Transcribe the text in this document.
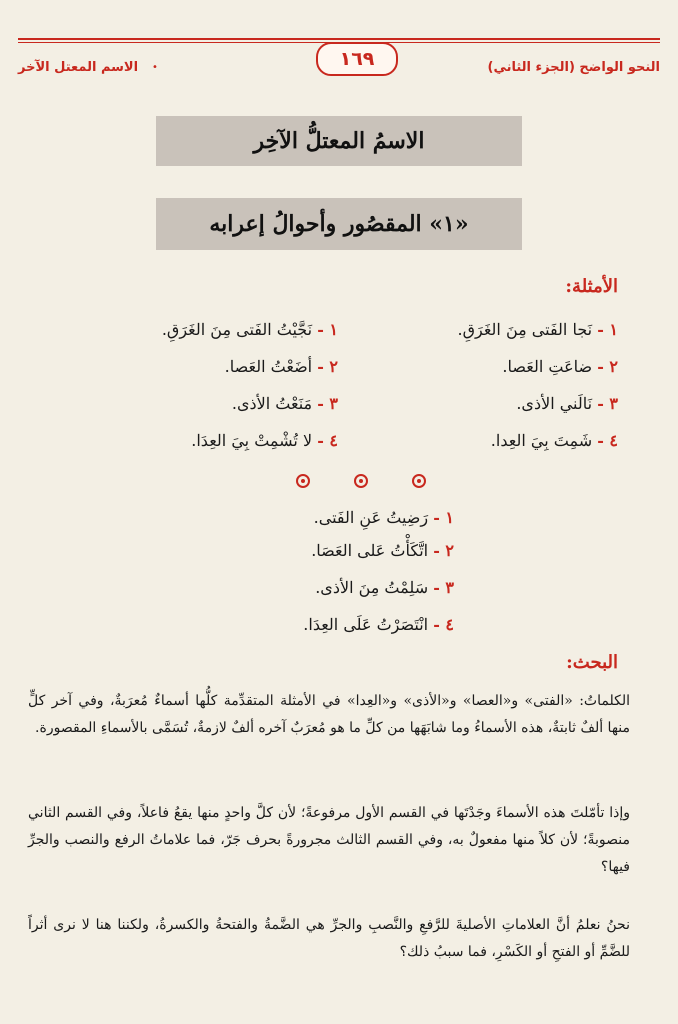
النحو الواضح (الجزء الثاني)
١٦٩
•
الاسم المعتل الآخر
الاسمُ المعتلُّ الآخِر
«١» المقصُور وأحوالُ إعرابه
الأمثلة:
١ - نَجا الفَتى مِنَ الغَرَقِ.
٢ - ضاعَتِ العَصا.
٣ - نَالَني الأذى.
٤ - شَمِتَ بِيَ العِدا.
١ - نَجَّيْتُ الفَتى مِنَ الغَرَقِ.
٢ - أضَعْتُ العَصا.
٣ - مَنَعْتُ الأذى.
٤ - لا تُشْمِتْ بِيَ العِدَا.
١ - رَضِيتُ عَنِ الفَتى.
٢ - اتَّكَأْتُ عَلى العَصَا.
٣ - سَلِمْتُ مِنَ الأذى.
٤ - انْتَصَرْتُ عَلَى العِدَا.
البحث:
الكلماتُ: «الفتى» و«العصا» و«الأذى» و«العِدا» في الأمثلة المتقدِّمة كلُّها أسماءٌ مُعرَبةٌ، وفي آخر كلٍّ منها ألفٌ ثابتةٌ، هذه الأسماءُ وما شابَهَها من كلِّ ما هو مُعرَبٌ آخره ألفٌ لازمةٌ، تُسَمَّى بالأسماءِ المقصورة.
وإذا تأمّلتَ هذه الأسماءَ وجَدْتَها في القسم الأول مرفوعةً؛ لأن كلَّ واحدٍ منها يقعُ فاعلاً، وفي القسم الثاني منصوبةً؛ لأن كلاً منها مفعولٌ به، وفي القسم الثالث مجرورةً بحرف جَرّ، فما علاماتُ الرفع والنصب والجرِّ فيها؟
نحنُ نعلمُ أنَّ العلاماتِ الأصليةَ للرَّفعِ والنَّصبِ والجرِّ هي الضَّمةُ والفتحةُ والكسرةُ، ولكننا هنا لا نرى أثراً للضَّمِّ أو الفتحِ أو الكَسْرِ، فما سببُ ذلك؟
